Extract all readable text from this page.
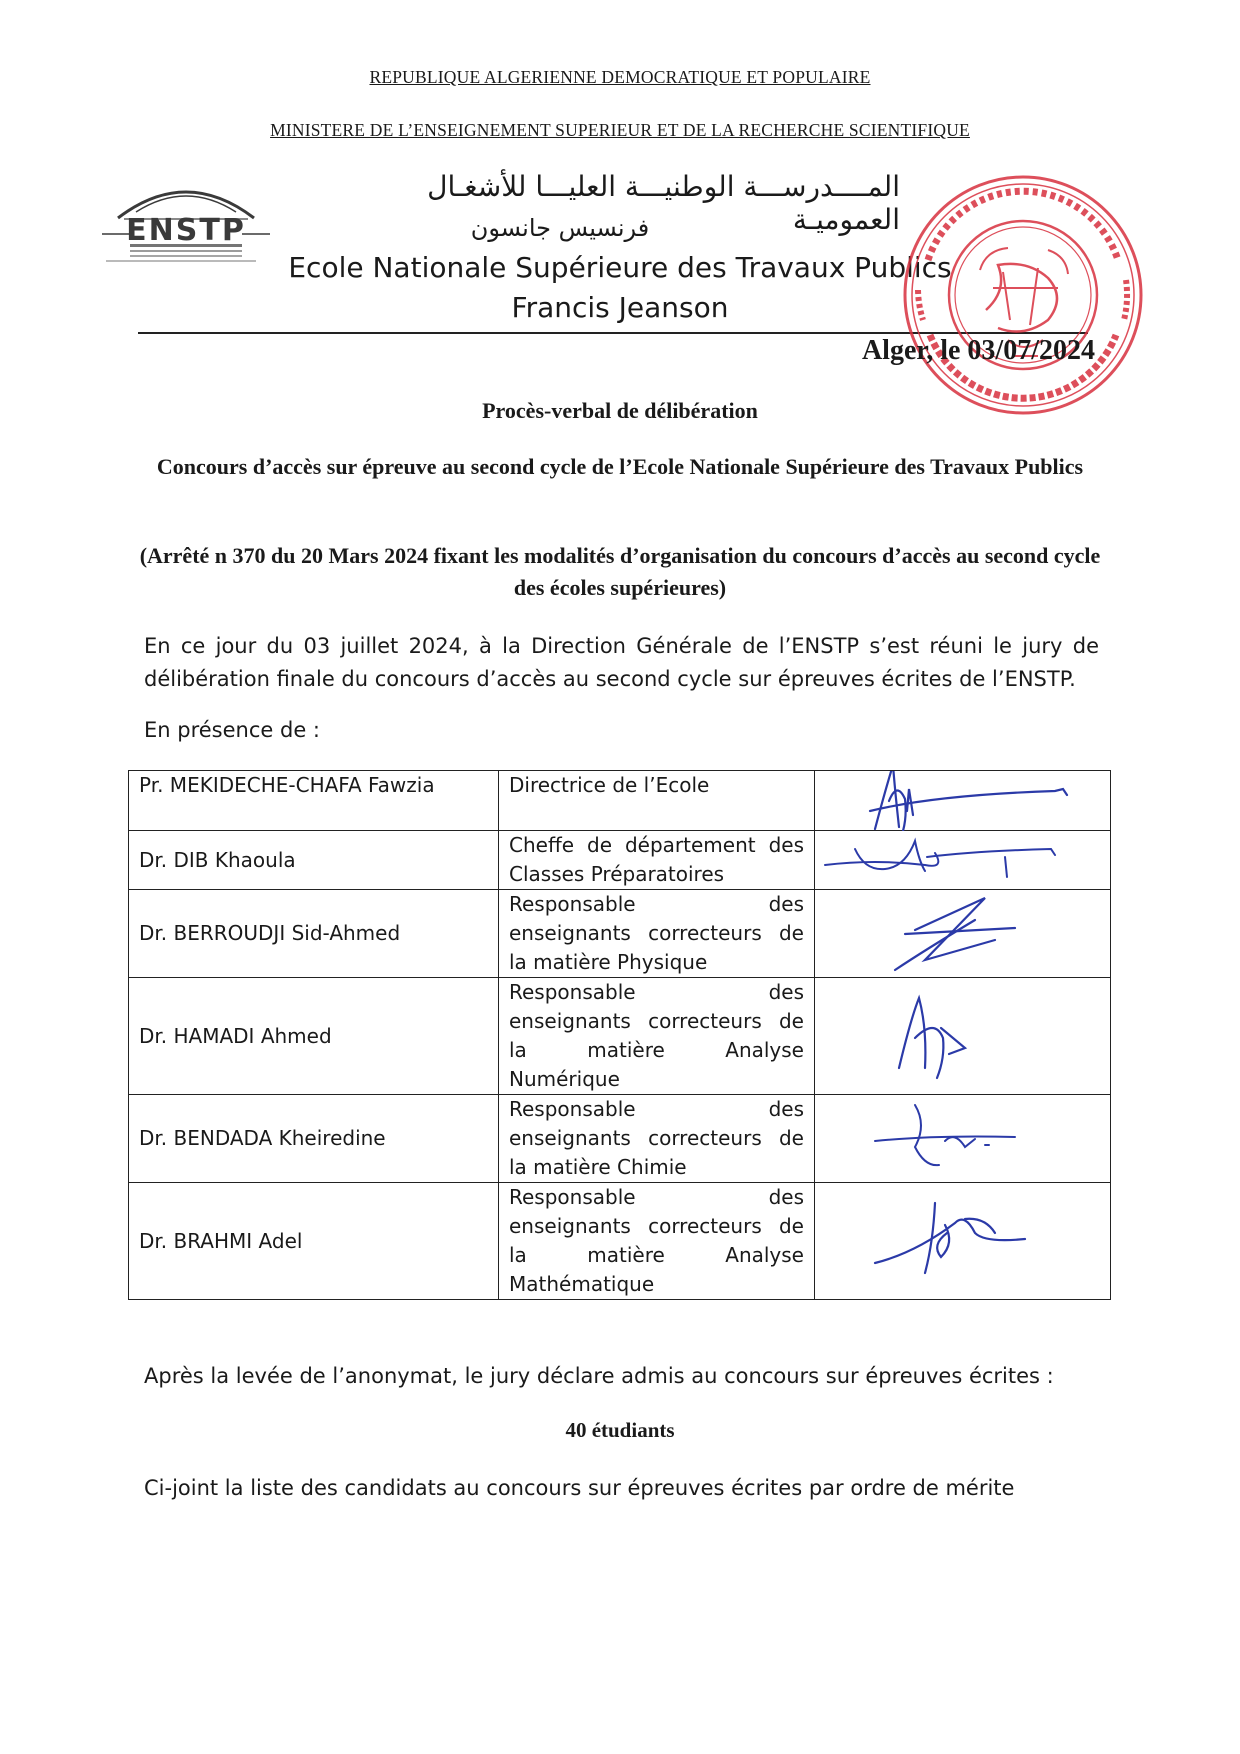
REPUBLIQUE ALGERIENNE DEMOCRATIQUE ET POPULAIRE
MINISTERE DE L’ENSEIGNEMENT SUPERIEUR ET DE LA RECHERCHE SCIENTIFIQUE
ENSTP
المــــدرســـة الوطنيـــة العليـــا للأشغـال العموميـة
فرنسيس جانسون
Ecole Nationale Supérieure des Travaux Publics
Francis Jeanson
Alger, le 03/07/2024
Procès-verbal de délibération
Concours d’accès sur épreuve au second cycle de l’Ecole Nationale Supérieure des Travaux Publics
(Arrêté n 370 du 20 Mars 2024 fixant les modalités d’organisation du concours d’accès au second cycle des écoles supérieures)
En ce jour du 03 juillet 2024, à la Direction Générale de l’ENSTP s’est réuni le jury de délibération finale du concours d’accès au second cycle sur épreuves écrites de l’ENSTP.
En présence de :
Pr. MEKIDECHE-CHAFA Fawzia	Directrice de l’Ecole	

Dr. DIB Khaoula	Cheffe de département des Classes Préparatoires	

Dr. BERROUDJI Sid-Ahmed	Responsable des enseignants correcteurs de la matière Physique	

Dr. HAMADI Ahmed	Responsable des enseignants correcteurs de la matière Analyse Numérique	

Dr. BENDADA Kheiredine	Responsable des enseignants correcteurs de la matière Chimie	

Dr. BRAHMI Adel	Responsable des enseignants correcteurs de la matière Analyse Mathématique	
Après la levée de l’anonymat, le jury déclare admis au concours sur épreuves écrites :
40 étudiants
Ci-joint la liste des candidats au concours sur épreuves écrites par ordre de mérite
